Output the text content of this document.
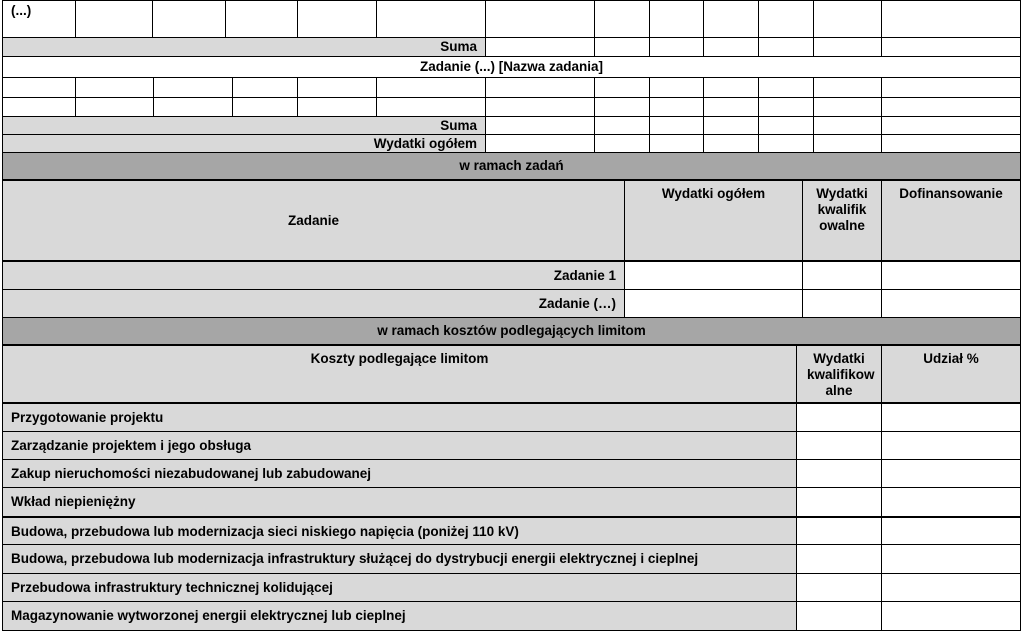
(...)
Suma
Zadanie (...) [Nazwa zadania]
Suma
Wydatki ogółem
w ramach zadań
Zadanie
Wydatki ogółem	Wydatki kwalifik owalne
Dofinansowanie
Zadanie 1
Zadanie (…)
w ramach kosztów podlegających limitom
Koszty podlegające limitom	Wydatki kwalifikow alne
Udział %
Przygotowanie projektu
Zarządzanie projektem i jego obsługa
Zakup nieruchomości niezabudowanej lub zabudowanej
Wkład niepieniężny
Budowa, przebudowa lub modernizacja sieci niskiego napięcia (poniżej 110 kV)
Budowa, przebudowa lub modernizacja infrastruktury służącej do dystrybucji energii elektrycznej i cieplnej
Przebudowa infrastruktury technicznej kolidującej
Magazynowanie wytworzonej energii elektrycznej lub cieplnej
